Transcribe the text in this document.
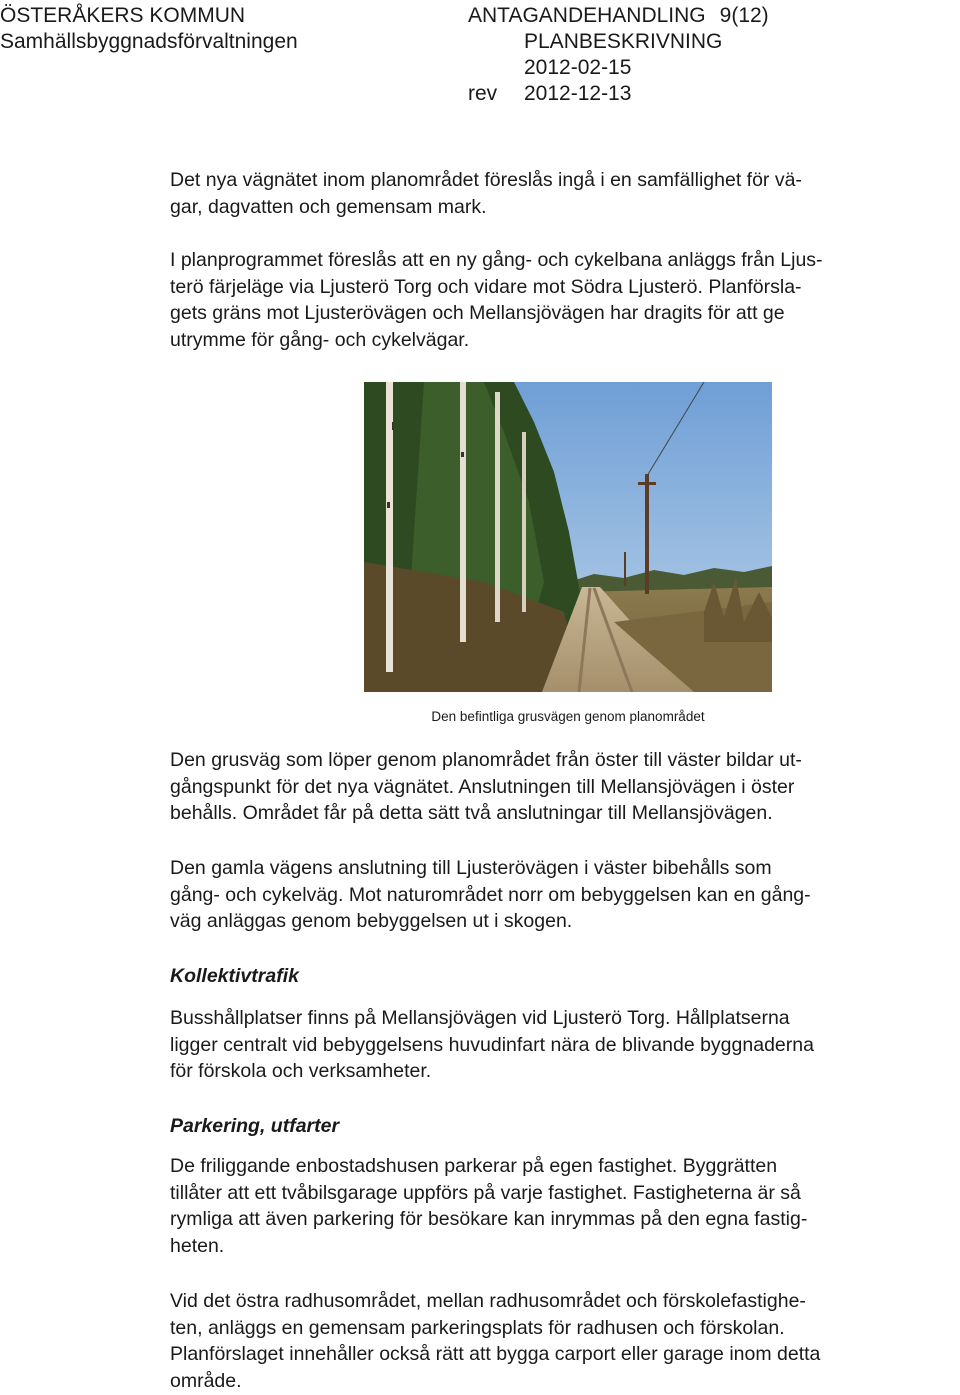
ÖSTERÅKERS KOMMUN
Samhällsbyggnadsförvaltningen
ANTAGANDEHANDLING 9(12)
PLANBESKRIVNING
2012-02-15
rev	2012-12-13

Det nya vägnätet inom planområdet föreslås ingå i en samfällighet för vä-
gar, dagvatten och gemensam mark.

I planprogrammet föreslås att en ny gång- och cykelbana anläggs från Ljus-
terö färjeläge via Ljusterö Torg och vidare mot Södra Ljusterö. Planförsla-
gets gräns mot Ljusterövägen och Mellansjövägen har dragits för att ge
utrymme för gång- och cykelvägar.

Den befintliga grusvägen genom planområdet

Den grusväg som löper genom planområdet från öster till väster bildar ut-
gångspunkt för det nya vägnätet. Anslutningen till Mellansjövägen i öster
behålls. Området får på detta sätt två anslutningar till Mellansjövägen.

Den gamla vägens anslutning till Ljusterövägen i väster bibehålls som
gång- och cykelväg. Mot naturområdet norr om bebyggelsen kan en gång-
väg anläggas genom bebyggelsen ut i skogen.

Kollektivtrafik

Busshållplatser finns på Mellansjövägen vid Ljusterö Torg. Hållplatserna
ligger centralt vid bebyggelsens huvudinfart nära de blivande byggnaderna
för förskola och verksamheter.

Parkering, utfarter

De friliggande enbostadshusen parkerar på egen fastighet. Byggrätten
tillåter att ett tvåbilsgarage uppförs på varje fastighet. Fastigheterna är så
rymliga att även parkering för besökare kan inrymmas på den egna fastig-
heten.

Vid det östra radhusområdet, mellan radhusområdet och förskolefastighe-
ten, anläggs en gemensam parkeringsplats för radhusen och förskolan.
Planförslaget innehåller också rätt att bygga carport eller garage inom detta
område.
